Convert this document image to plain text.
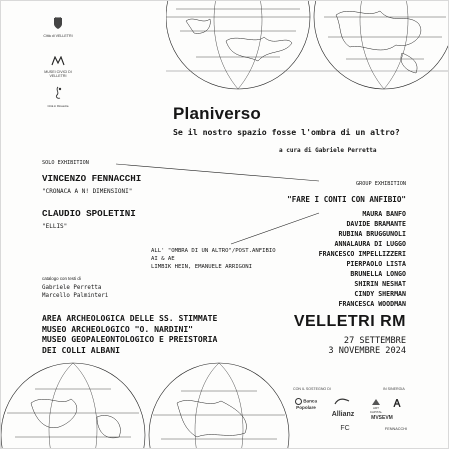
Città di VELLETRI
MUSEI CIVICI DI VELLETRI
Città in Rinascita	Planiverso
Se il nostro spazio fosse l'ombra di un altro?
a cura di Gabriele Perretta
SOLO EXHIBITION
VINCENZO FENNACCHI
"CRONACA A N! DIMENSIONI"
CLAUDIO SPOLETINI
"ELLIS"
GROUP EXHIBITION
"FARE I CONTI CON ANFIBIO"
MAURA BANFO
DAVIDE BRAMANTE
RUBINA BRUGGUNOLI
ANNALAURA DI LUGGO
FRANCESCO IMPELLIZZERI
PIERPAOLO LISTA
BRUNELLA LONGO
SHIRIN NESHAT
CINDY SHERMAN
FRANCESCA WOODMAN
ALL' "OMBRA DI UN ALTRO"/POST.ANFIBIO
AI & AE
LIMBIK HEIN, EMANUELE ARRIGONI
catalogo con testi di
Gabriele Perretta
Marcello Palminteri
AREA ARCHEOLOGICA DELLE SS. STIMMATE
MUSEO ARCHEOLOGICO "O. NARDINI"
MUSEO GEOPALEONTOLOGICO E PREISTORIA
DEI COLLI ALBANI
VELLETRI RM
27 SETTEMBRE
3 NOVEMBRE 2024
CON IL SOSTEGNO DI	IN SINERGIA
Banca Popolare
Allianz
FC
ART CAPITAL
MVSEVM
FENNACCHI
